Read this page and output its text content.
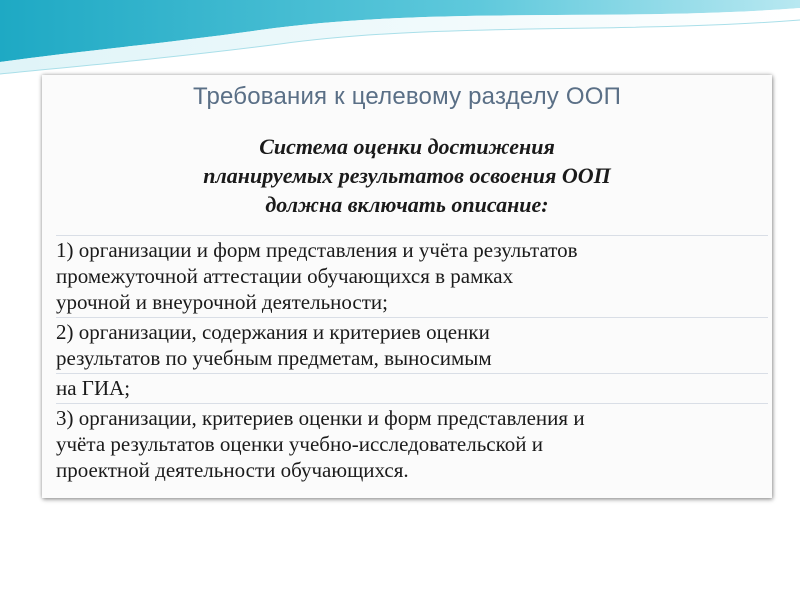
Требования к целевому разделу ООП
Система оценки достижения
планируемых результатов освоения ООП
должна включать описание:
1) организации и форм представления и учёта результатов
промежуточной аттестации обучающихся в рамках
урочной и внеурочной деятельности;
2) организации, содержания и критериев оценки
результатов по учебным предметам, выносимым
на ГИА;
3) организации, критериев оценки и форм представления и
учёта результатов оценки учебно-исследовательской и
проектной деятельности обучающихся.
